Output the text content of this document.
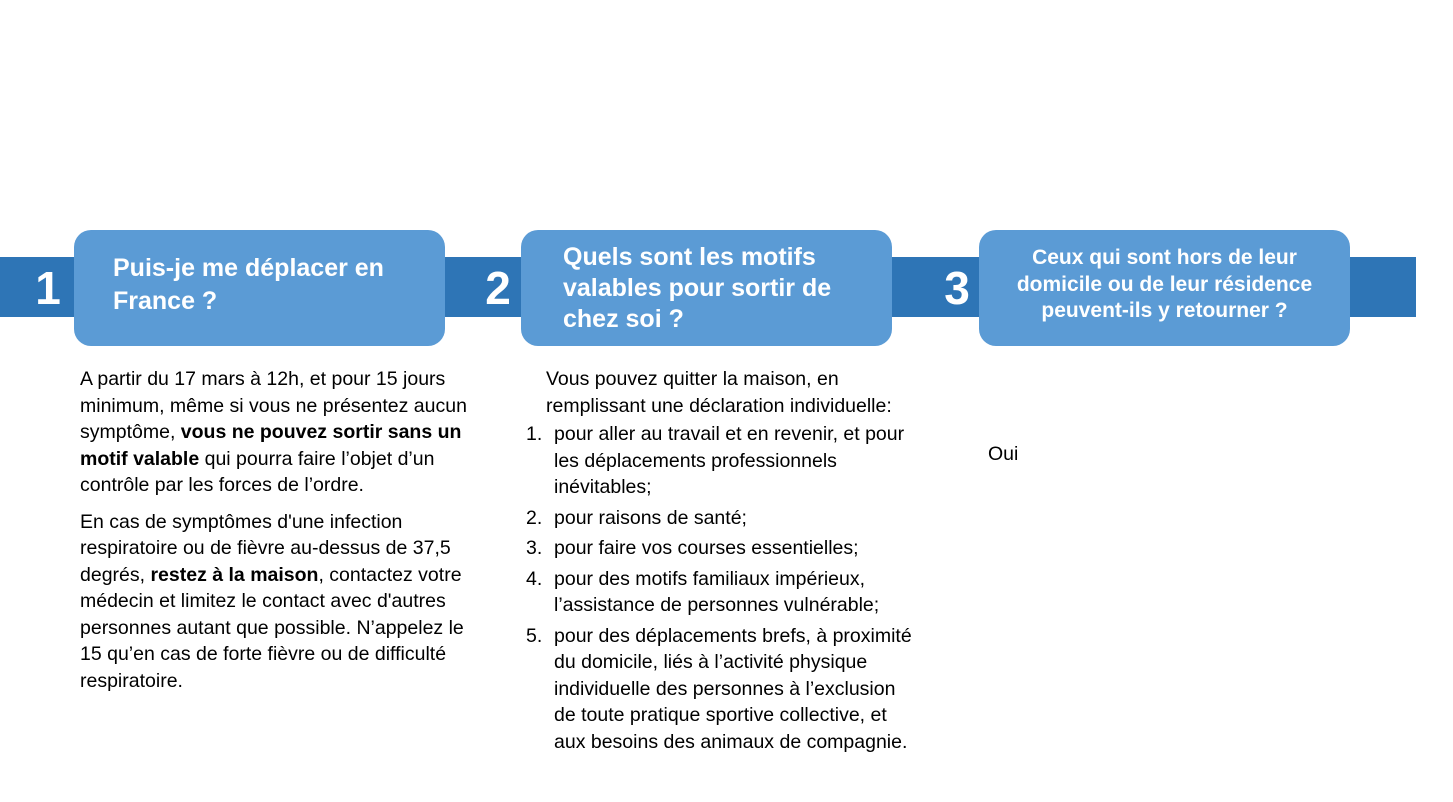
1	2	3
Puis-je me déplacer en France ?
Quels sont les motifs valables pour sortir de chez soi ?
Ceux qui sont hors de leur domicile ou de leur résidence peuvent-ils y retourner ?

A partir du 17 mars à 12h, et pour 15 jours minimum, même si vous ne présentez aucun symptôme, vous ne pouvez sortir sans un motif valable qui pourra faire l’objet d’un contrôle par les forces de l’ordre.

En cas de symptômes d'une infection respiratoire ou de fièvre au-dessus de 37,5 degrés, restez à la maison, contactez votre médecin et limitez le contact avec d'autres personnes autant que possible. N’appelez le 15 qu’en cas de forte fièvre ou de difficulté respiratoire.

Vous pouvez quitter la maison, en remplissant une déclaration individuelle:
1. pour aller au travail et en revenir, et pour les déplacements professionnels inévitables;
2. pour raisons de santé;
3. pour faire vos courses essentielles;
4. pour des motifs familiaux impérieux, l’assistance de personnes vulnérable;
5. pour des déplacements brefs, à proximité du domicile, liés à l’activité physique individuelle des personnes à l’exclusion de toute pratique sportive collective, et aux besoins des animaux de compagnie.
Oui
